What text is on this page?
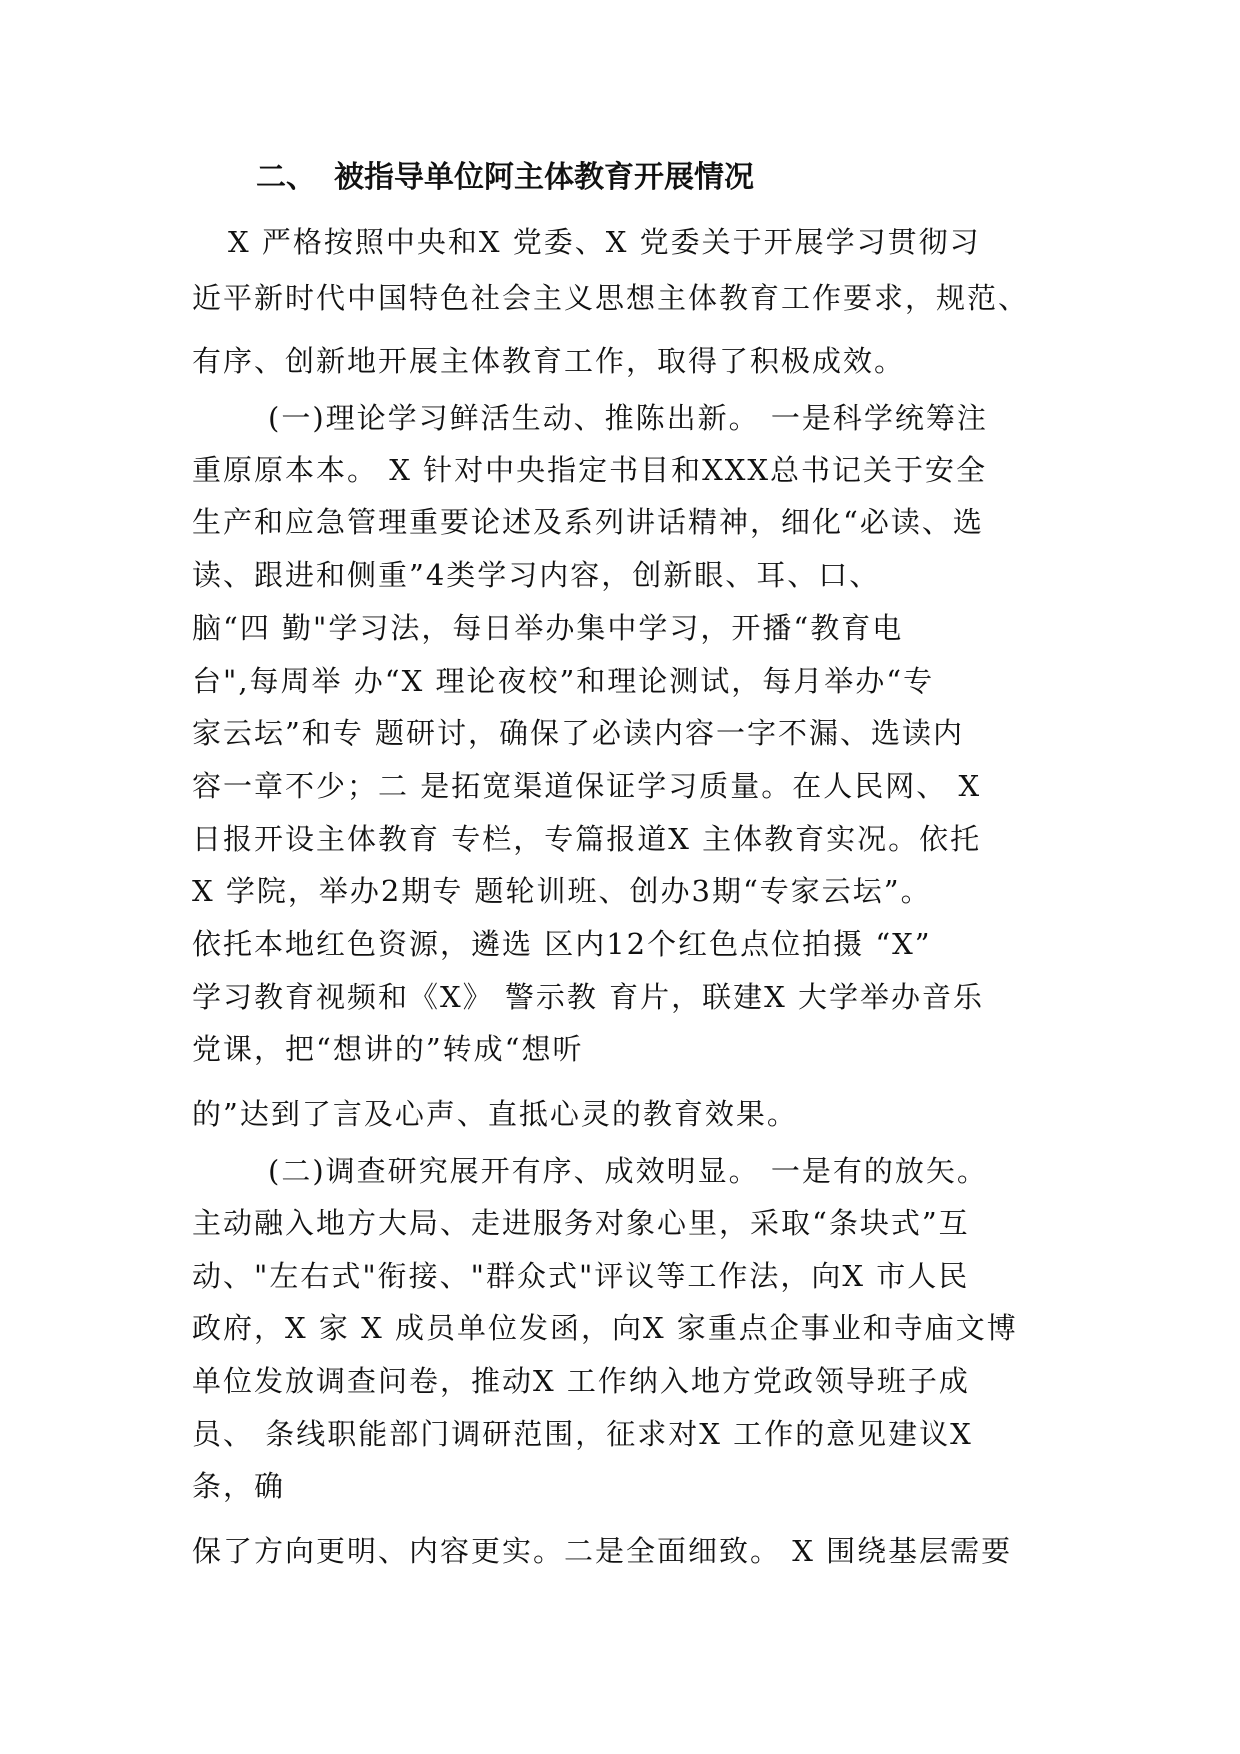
二、 被指导单位阿主体教育开展情况
X 严格按照中央和X 党委、X 党委关于开展学习贯彻习
近平新时代中国特色社会主义思想主体教育工作要求，规范、
有序、创新地开展主体教育工作，取得了积极成效。
(一)理论学习鲜活生动、推陈出新。 一是科学统筹注
重原原本本。 X 针对中央指定书目和XXX总书记关于安全
生产和应急管理重要论述及系列讲话精神，细化“必读、选
读、跟进和侧重”4类学习内容，创新眼、耳、口、
脑“四 勤"学习法，每日举办集中学习，开播“教育电
台",每周举 办“X 理论夜校”和理论测试，每月举办“专
家云坛”和专 题研讨，确保了必读内容一字不漏、选读内
容一章不少；二 是拓宽渠道保证学习质量。在人民网、 X
日报开设主体教育 专栏，专篇报道X 主体教育实况。依托
X 学院，举办2期专 题轮训班、创办3期“专家云坛”。
依托本地红色资源，遴选 区内12个红色点位拍摄 “X”
学习教育视频和《X》 警示教 育片，联建X 大学举办音乐
党课，把“想讲的”转成“想听
的”达到了言及心声、直抵心灵的教育效果。
(二)调查研究展开有序、成效明显。 一是有的放矢。
主动融入地方大局、走进服务对象心里，采取“条块式”互
动、"左右式"衔接、"群众式"评议等工作法，向X 市人民
政府，X 家 X 成员单位发函，向X 家重点企事业和寺庙文博
单位发放调查问卷，推动X 工作纳入地方党政领导班子成
员、 条线职能部门调研范围，征求对X 工作的意见建议X
条，确
保了方向更明、内容更实。二是全面细致。 X 围绕基层需要
